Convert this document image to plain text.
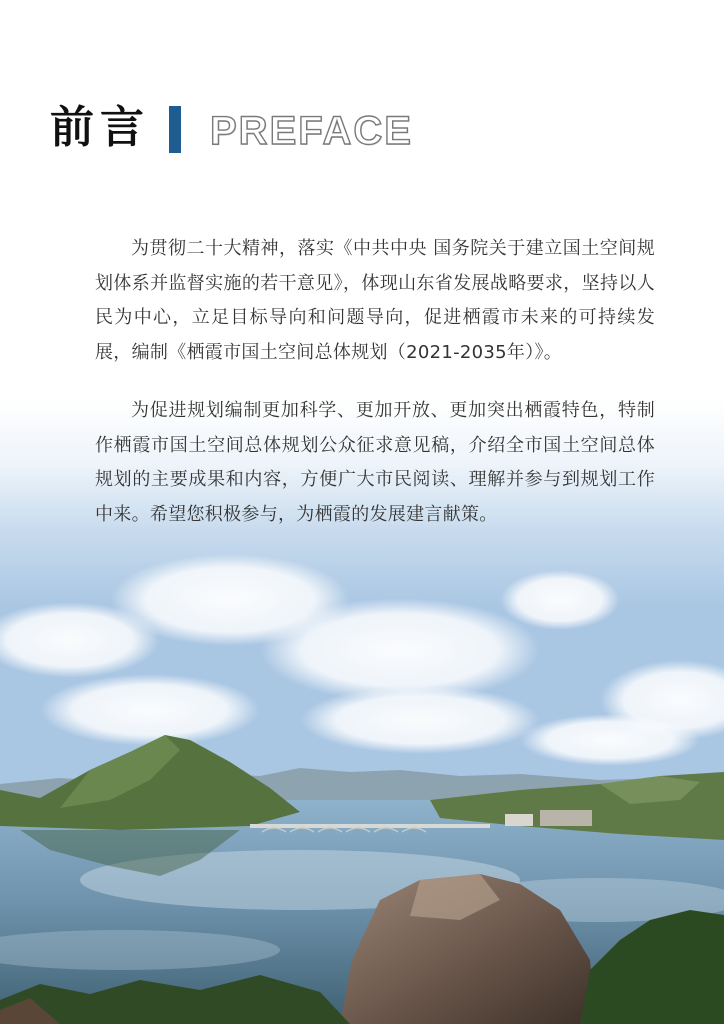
前言 PREFACE

为贯彻二十大精神，落实《中共中央 国务院关于建立国土空间规划体系并监督实施的若干意见》，体现山东省发展战略要求，坚持以人民为中心，立足目标导向和问题导向，促进栖霞市未来的可持续发展，编制《栖霞市国土空间总体规划（2021-2035年）》。

为促进规划编制更加科学、更加开放、更加突出栖霞特色，特制作栖霞市国土空间总体规划公众征求意见稿，介绍全市国土空间总体规划的主要成果和内容，方便广大市民阅读、理解并参与到规划工作中来。希望您积极参与，为栖霞的发展建言献策。
